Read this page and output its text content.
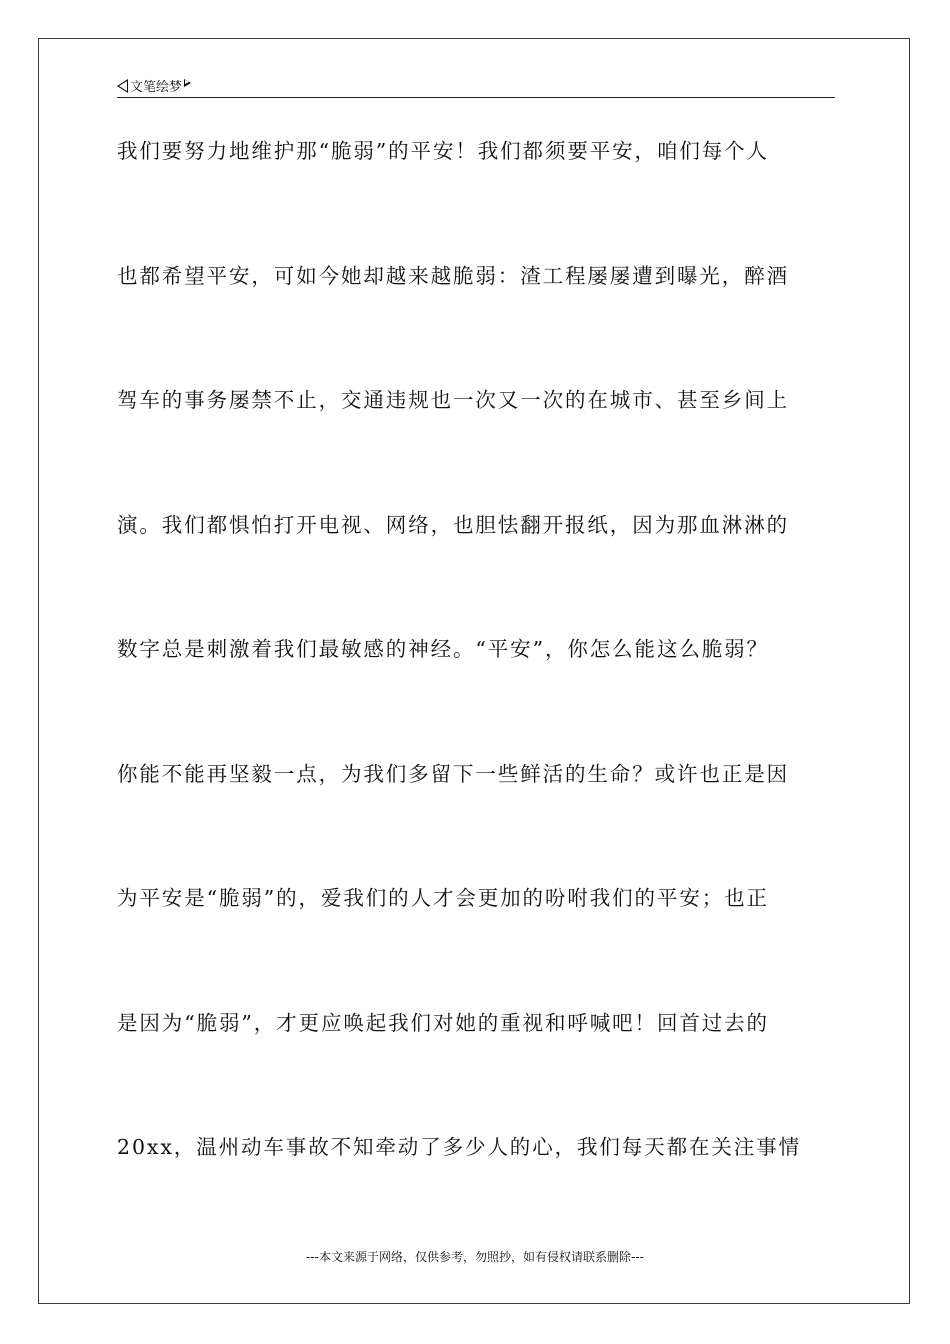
文笔绘梦
我们要努力地维护那“脆弱”的平安！我们都须要平安，咱们每个人
也都希望平安，可如今她却越来越脆弱：渣工程屡屡遭到曝光，醉酒
驾车的事务屡禁不止，交通违规也一次又一次的在城市、甚至乡间上
演。我们都惧怕打开电视、网络，也胆怯翻开报纸，因为那血淋淋的
数字总是刺激着我们最敏感的神经。“平安”，你怎么能这么脆弱？
你能不能再坚毅一点，为我们多留下一些鲜活的生命？或许也正是因
为平安是“脆弱”的，爱我们的人才会更加的吩咐我们的平安；也正
是因为“脆弱”，才更应唤起我们对她的重视和呼喊吧！回首过去的
20xx，温州动车事故不知牵动了多少人的心，我们每天都在关注事情
---本文来源于网络，仅供参考，勿照抄，如有侵权请联系删除---
